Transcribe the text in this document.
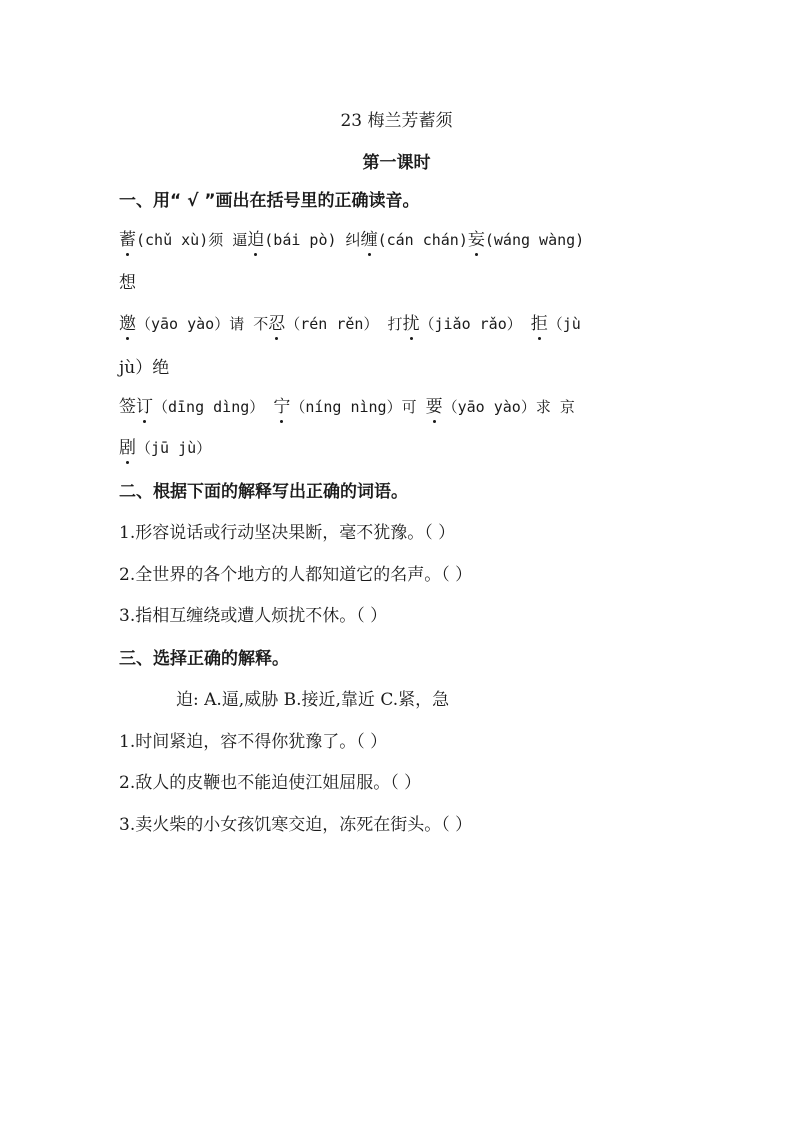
23 梅兰芳蓄须
第一课时
一、用“ √ ”画出在括号里的正确读音。
蓄(chǔ xù)须 逼迫(bái pò) 纠缠(cán chán)妄(wáng wàng)
想
邀（yāo yào）请 不忍（rén rěn） 打扰（jiǎo rǎo） 拒（jù
jù）绝
签订（dīng dìng） 宁（níng nìng）可 要（yāo yào）求 京
剧（jū jù）
二、根据下面的解释写出正确的词语。
1.形容说话或行动坚决果断，毫不犹豫。（ ）
2.全世界的各个地方的人都知道它的名声。（ ）
3.指相互缠绕或遭人烦扰不休。（ ）
三、选择正确的解释。
迫: A.逼,威胁 B.接近,靠近 C.紧，急
1.时间紧迫，容不得你犹豫了。（ ）
2.敌人的皮鞭也不能迫使江姐屈服。（ ）
3.卖火柴的小女孩饥寒交迫，冻死在街头。（ ）
